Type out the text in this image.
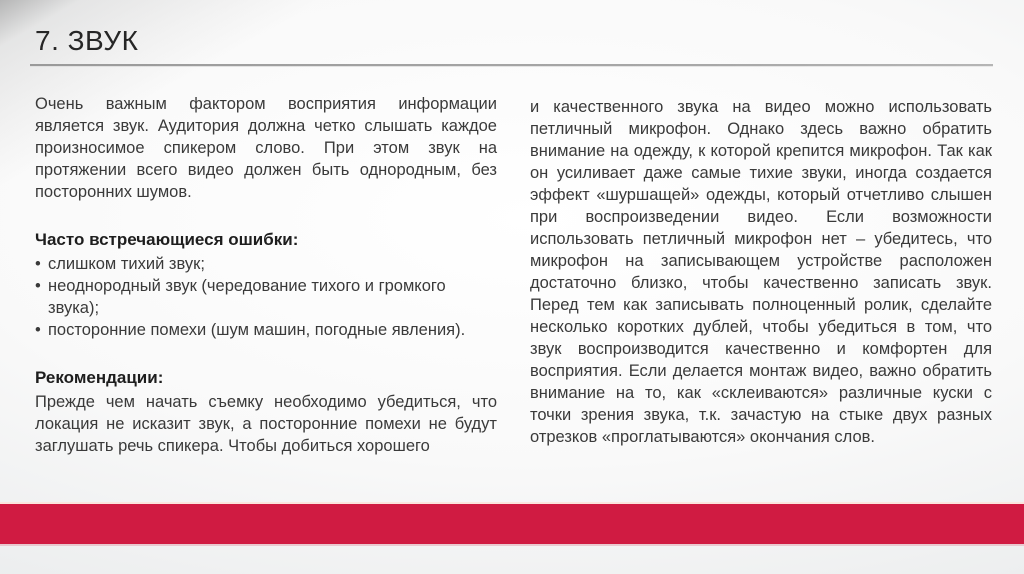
7. ЗВУК

Очень важным фактором восприятия информации является звук. Аудитория должна четко слышать каждое произносимое спикером слово. При этом звук на протяжении всего видео должен быть однородным, без посторонних шумов.

Часто встречающиеся ошибки:
• слишком тихий звук;
• неоднородный звук (чередование тихого и громкого звука);
• посторонние помехи (шум машин, погодные явления).
Рекомендации:

Прежде чем начать съемку необходимо убедиться, что локация не исказит звук, а посторонние помехи не будут заглушать речь спикера. Чтобы добиться хорошего

и качественного звука на видео можно использовать петличный микрофон. Однако здесь важно обратить внимание на одежду, к которой крепится микрофон. Так как он усиливает даже самые тихие звуки, иногда создается эффект «шуршащей» одежды, который отчетливо слышен при воспроизведении видео. Если возможности использовать петличный микрофон нет – убедитесь, что микрофон на записывающем устройстве расположен достаточно близко, чтобы качественно записать звук. Перед тем как записывать полноценный ролик, сделайте несколько коротких дублей, чтобы убедиться в том, что звук воспроизводится качественно и комфортен для восприятия. Если делается монтаж видео, важно обратить внимание на то, как «склеиваются» различные куски с точки зрения звука, т.к. зачастую на стыке двух разных отрезков «проглатываются» окончания слов.
